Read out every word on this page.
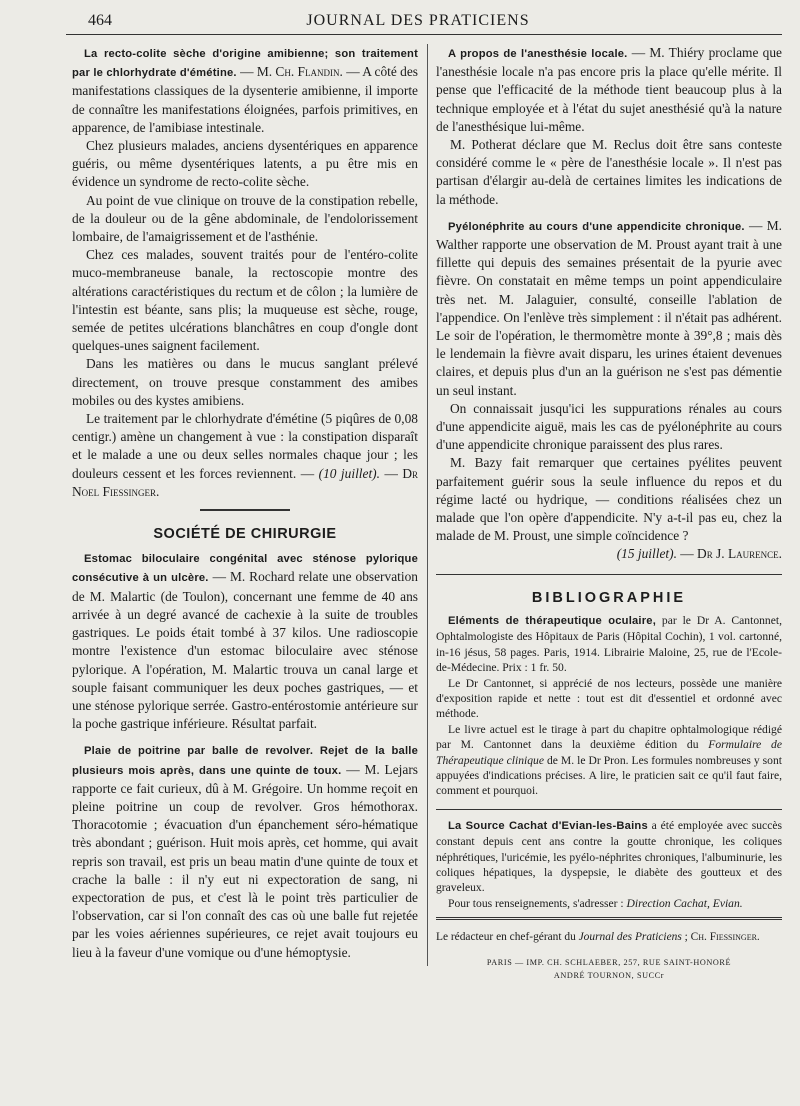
464	JOURNAL DES PRATICIENS

La recto-colite sèche d'origine amibienne; son traitement par le chlorhydrate d'émétine. — M. Ch. Flandin. — A côté des manifestations classiques de la dysenterie amibienne, il importe de connaître les manifestations éloignées, parfois primitives, en apparence, de l'amibiase intestinale.

Chez plusieurs malades, anciens dysentériques en apparence guéris, ou même dysentériques latents, a pu être mis en évidence un syndrome de recto-colite sèche.

Au point de vue clinique on trouve de la constipation rebelle, de la douleur ou de la gêne abdominale, de l'endolorissement lombaire, de l'amaigrissement et de l'asthénie.

Chez ces malades, souvent traités pour de l'entéro-colite muco-membraneuse banale, la rectoscopie montre des altérations caractéristiques du rectum et de côlon ; la lumière de l'intestin est béante, sans plis; la muqueuse est sèche, rouge, semée de petites ulcérations blanchâtres en coup d'ongle dont quelques-unes saignent facilement.

Dans les matières ou dans le mucus sanglant prélevé directement, on trouve presque constamment des amibes mobiles ou des kystes amibiens.

Le traitement par le chlorhydrate d'émétine (5 piqûres de 0,08 centigr.) amène un changement à vue : la constipation disparaît et le malade a une ou deux selles normales chaque jour ; les douleurs cessent et les forces reviennent. — (10 juillet). — Dr Noel Fiessinger.

SOCIÉTÉ DE CHIRURGIE

Estomac biloculaire congénital avec sténose pylorique consécutive à un ulcère. — M. Rochard relate une observation de M. Malartic (de Toulon), concernant une femme de 40 ans arrivée à un degré avancé de cachexie à la suite de troubles gastriques. Le poids était tombé à 37 kilos. Une radioscopie montre l'existence d'un estomac biloculaire avec sténose pylorique. A l'opération, M. Malartic trouva un canal large et souple faisant communiquer les deux poches gastriques, — et une sténose pylorique serrée. Gastro-entérostomie antérieure sur la poche gastrique inférieure. Résultat parfait.

Plaie de poitrine par balle de revolver. Rejet de la balle plusieurs mois après, dans une quinte de toux. — M. Lejars rapporte ce fait curieux, dû à M. Grégoire. Un homme reçoit en pleine poitrine un coup de revolver. Gros hémothorax. Thoracotomie ; évacuation d'un épanchement séro-hématique très abondant ; guérison. Huit mois après, cet homme, qui avait repris son travail, est pris un beau matin d'une quinte de toux et crache la balle : il n'y eut ni expectoration de sang, ni expectoration de pus, et c'est là le point très particulier de l'observation, car si l'on connaît des cas où une balle fut rejetée par les voies aériennes supérieures, ce rejet avait toujours eu lieu à la faveur d'une vomique ou d'une hémoptysie.

A propos de l'anesthésie locale. — M. Thiéry proclame que l'anesthésie locale n'a pas encore pris la place qu'elle mérite. Il pense que l'efficacité de la méthode tient beaucoup plus à la technique employée et à l'état du sujet anesthésié qu'à la nature de l'anesthésique lui-même.

M. Potherat déclare que M. Reclus doit être sans conteste considéré comme le « père de l'anesthésie locale ». Il n'est pas partisan d'élargir au-delà de certaines limites les indications de la méthode.

Pyélonéphrite au cours d'une appendicite chronique. — M. Walther rapporte une observation de M. Proust ayant trait à une fillette qui depuis des semaines présentait de la pyurie avec fièvre. On constatait en même temps un point appendiculaire très net. M. Jalaguier, consulté, conseille l'ablation de l'appendice. On l'enlève très simplement : il n'était pas adhérent. Le soir de l'opération, le thermomètre monte à 39°,8 ; mais dès le lendemain la fièvre avait disparu, les urines étaient devenues claires, et depuis plus d'un an la guérison ne s'est pas démentie un seul instant.

On connaissait jusqu'ici les suppurations rénales au cours d'une appendicite aiguë, mais les cas de pyélonéphrite au cours d'une appendicite chronique paraissent des plus rares.

M. Bazy fait remarquer que certaines pyélites peuvent parfaitement guérir sous la seule influence du repos et du régime lacté ou hydrique, — conditions réalisées chez un malade que l'on opère d'appendicite. N'y a-t-il pas eu, chez la malade de M. Proust, une simple coïncidence ?

(15 juillet). — Dr J. Laurence.

BIBLIOGRAPHIE

Eléments de thérapeutique oculaire, par le Dr A. Cantonnet, Ophtalmologiste des Hôpitaux de Paris (Hôpital Cochin), 1 vol. cartonné, in-16 jésus, 58 pages. Paris, 1914. Librairie Maloine, 25, rue de l'Ecole-de-Médecine. Prix : 1 fr. 50.

Le Dr Cantonnet, si apprécié de nos lecteurs, possède une manière d'exposition rapide et nette : tout est dit d'essentiel et ordonné avec méthode.

Le livre actuel est le tirage à part du chapitre ophtalmologique rédigé par M. Cantonnet dans la deuxième édition du Formulaire de Thérapeutique clinique de M. le Dr Pron. Les formules nombreuses y sont appuyées d'indications précises. A lire, le praticien sait ce qu'il faut faire, comment et pourquoi.

La Source Cachat d'Evian-les-Bains a été employée avec succès constant depuis cent ans contre la goutte chronique, les coliques néphrétiques, l'uricémie, les pyélo-néphrites chroniques, l'albuminurie, les coliques hépatiques, la dyspepsie, le diabète des goutteux et des graveleux.

Pour tous renseignements, s'adresser : Direction Cachat, Evian.

Le rédacteur en chef-gérant du Journal des Praticiens ; Ch. Fiessinger.
PARIS — IMP. CH. SCHLAEBER, 257, RUE SAINT-HONORÉ
ANDRÉ TOURNON, SUCCr
